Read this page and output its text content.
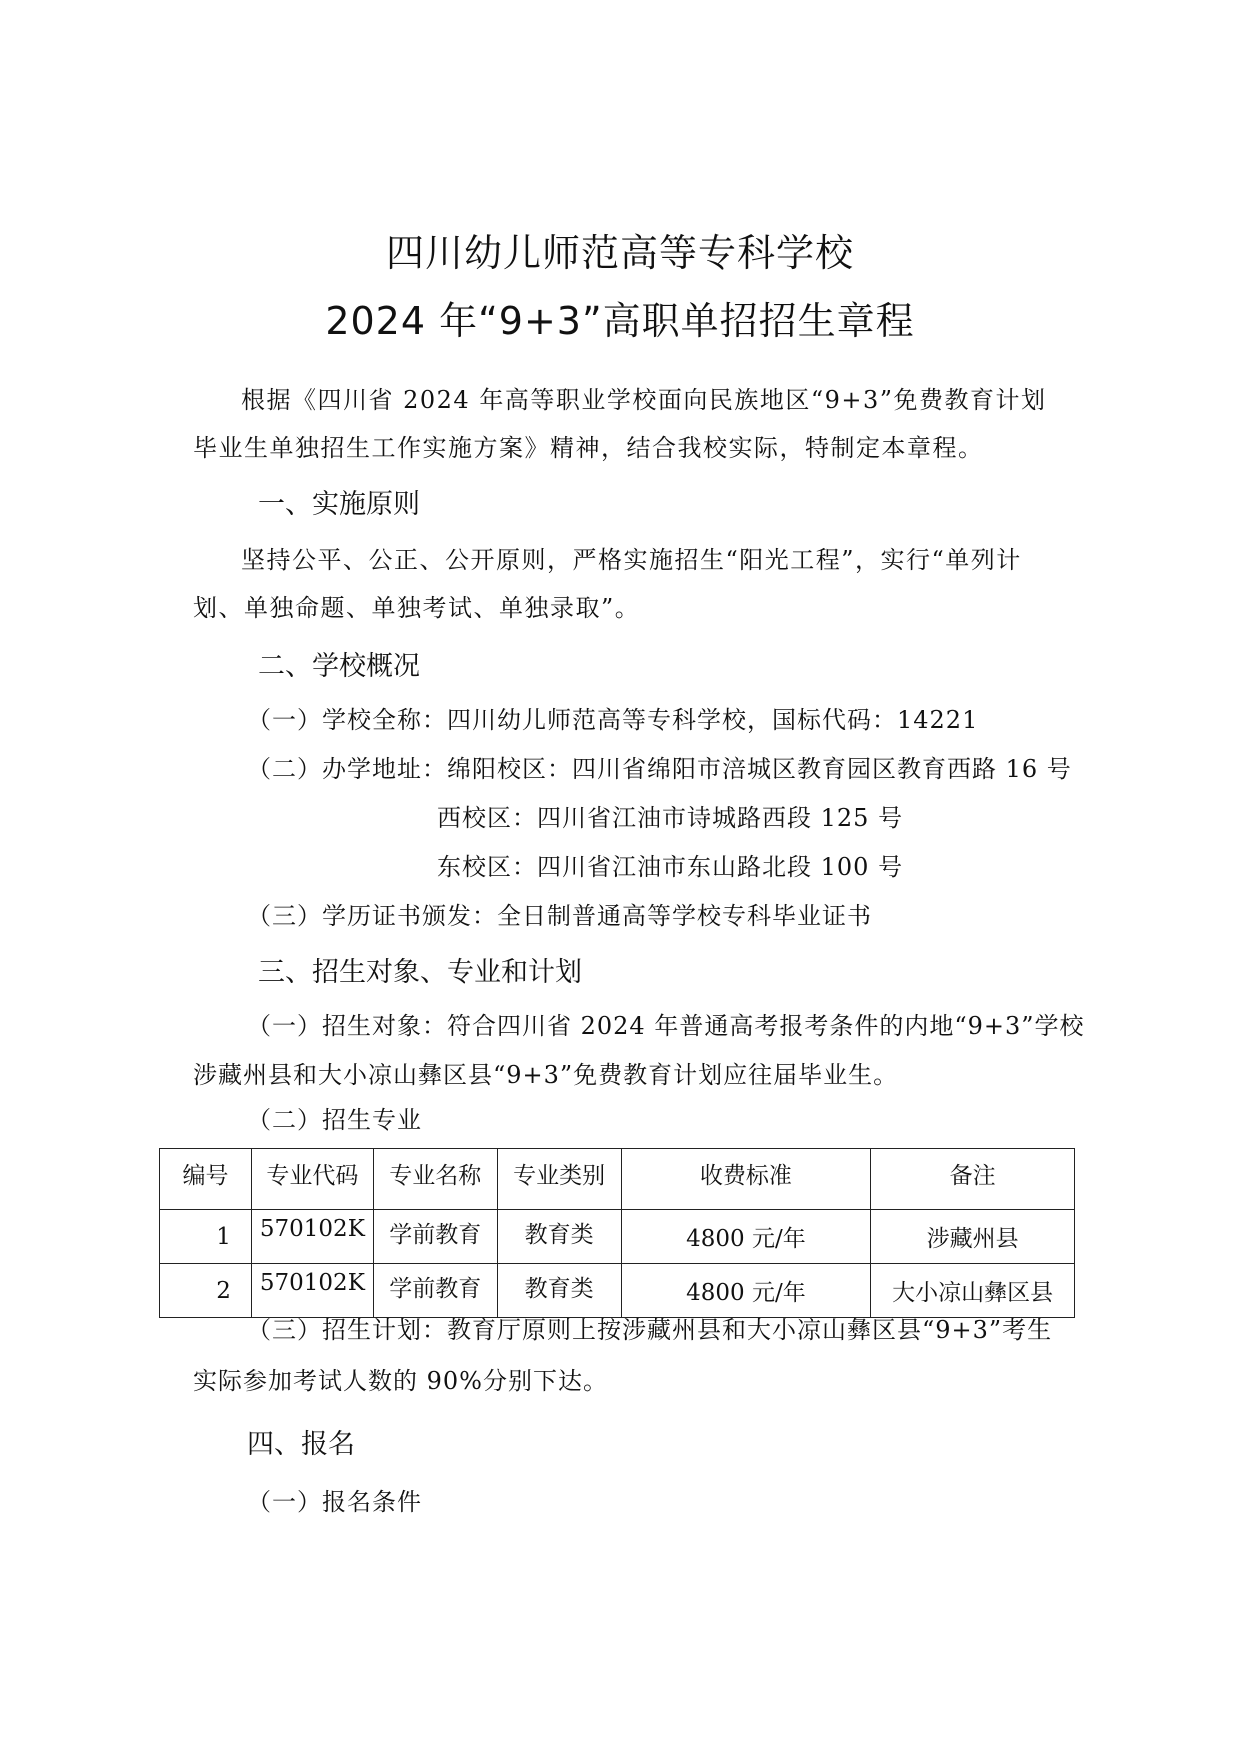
四川幼儿师范高等专科学校
2024 年“9+3”高职单招招生章程

根据《四川省 2024 年高等职业学校面向民族地区“9+3”免费教育计划毕业生单独招生工作实施方案》精神，结合我校实际，特制定本章程。

一、实施原则

坚持公平、公正、公开原则，严格实施招生“阳光工程”，实行“单列计划、单独命题、单独考试、单独录取”。

二、学校概况

（一）学校全称：四川幼儿师范高等专科学校，国标代码：14221

（二）办学地址：绵阳校区：四川省绵阳市涪城区教育园区教育西路 16 号

西校区：四川省江油市诗城路西段 125 号

东校区：四川省江油市东山路北段 100 号

（三）学历证书颁发：全日制普通高等学校专科毕业证书

三、招生对象、专业和计划

（一）招生对象：符合四川省 2024 年普通高考报考条件的内地“9+3”学校

涉藏州县和大小凉山彝区县“9+3”免费教育计划应往届毕业生。

（二）招生专业

编号	专业代码	专业名称	专业类别	收费标准	备注
1	570102K	学前教育	教育类	4800 元/年	涉藏州县
2	570102K	学前教育	教育类	4800 元/年	大小凉山彝区县

（三）招生计划：教育厅原则上按涉藏州县和大小凉山彝区县“9+3”考生

实际参加考试人数的 90%分别下达。

四、报名

（一）报名条件
